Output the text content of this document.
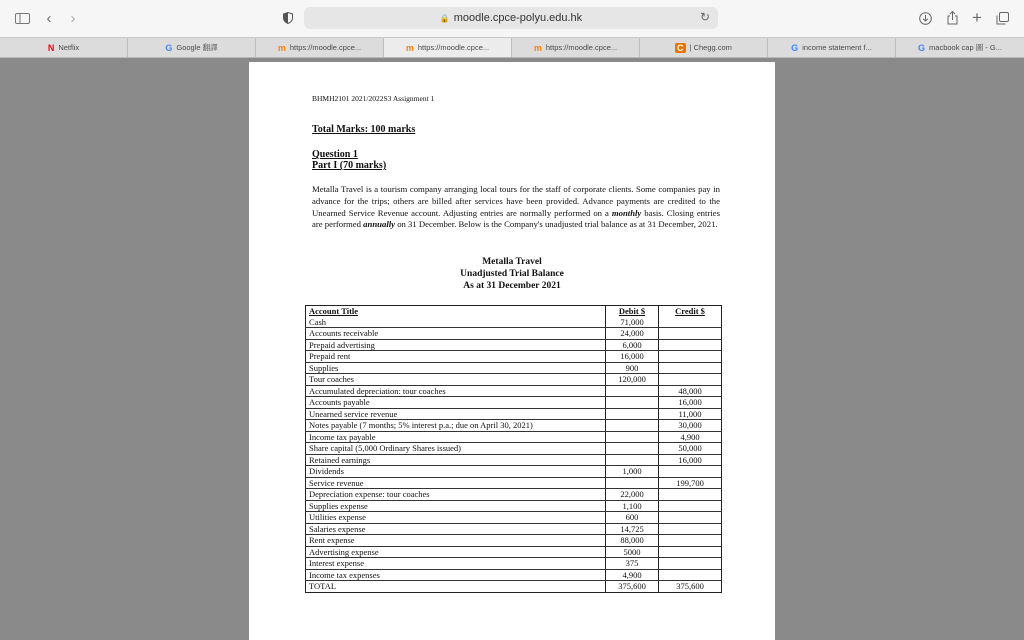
‹ ›	🔒 moodle.cpce-polyu.edu.hk	↻	+
N Netflix	G Google 翻譯	m https://moodle.cpce...	m https://moodle.cpce...	m https://moodle.cpce...	C | Chegg.com	G income statement f...	G macbook cap 圖 - G...
BHMH2101 2021/2022S3 Assignment 1
Total Marks: 100 marks
Question 1
Part I (70 marks)
Metalla Travel is a tourism company arranging local tours for the staff of corporate clients. Some companies pay in advance for the trips; others are billed after services have been provided. Advance payments are credited to the Unearned Service Revenue account. Adjusting entries are normally performed on a monthly basis. Closing entries are performed annually on 31 December. Below is the Company's unadjusted trial balance as at 31 December, 2021.
Metalla Travel
Unadjusted Trial Balance
As at 31 December 2021
Account Title	Debit $	Credit $
Cash	71,000	
Accounts receivable	24,000	
Prepaid advertising	6,000	
Prepaid rent	16,000	
Supplies	900	
Tour coaches	120,000	
Accumulated depreciation: tour coaches		48,000
Accounts payable		16,000
Unearned service revenue		11,000
Notes payable (7 months; 5% interest p.a.; due on April 30, 2021)		30,000
Income tax payable		4,900
Share capital (5,000 Ordinary Shares issued)		50,000
Retained earnings		16,000
Dividends	1,000	
Service revenue		199,700
Depreciation expense: tour coaches	22,000	
Supplies expense	1,100	
Utilities expense	600	
Salaries expense	14,725	
Rent expense	88,000	
Advertising expense	5000	
Interest expense	375	
Income tax expenses	4,900	
TOTAL	375,600	375,600
